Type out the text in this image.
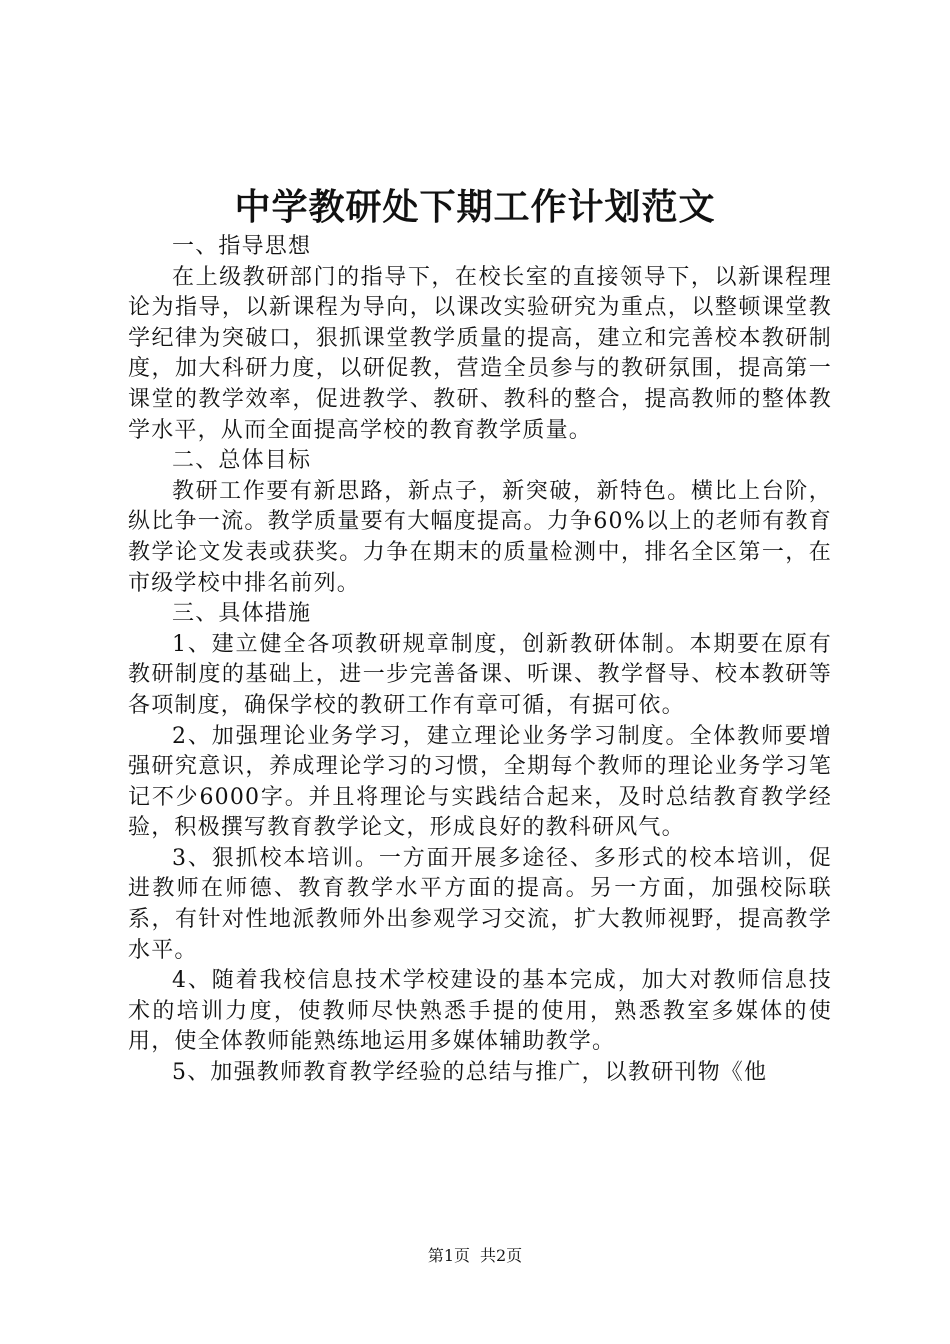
中学教研处下期工作计划范文

一、指导思想

在上级教研部门的指导下，在校长室的直接领导下，以新课程理论为指导，以新课程为导向，以课改实验研究为重点，以整顿课堂教学纪律为突破口，狠抓课堂教学质量的提高，建立和完善校本教研制度，加大科研力度，以研促教，营造全员参与的教研氛围，提高第一课堂的教学效率，促进教学、教研、教科的整合，提高教师的整体教学水平，从而全面提高学校的教育教学质量。

二、总体目标

教研工作要有新思路，新点子，新突破，新特色。横比上台阶，纵比争一流。教学质量要有大幅度提高。力争60%以上的老师有教育教学论文发表或获奖。力争在期末的质量检测中，排名全区第一，在市级学校中排名前列。

三、具体措施

1、建立健全各项教研规章制度，创新教研体制。本期要在原有教研制度的基础上，进一步完善备课、听课、教学督导、校本教研等各项制度，确保学校的教研工作有章可循，有据可依。

2、加强理论业务学习，建立理论业务学习制度。全体教师要增强研究意识，养成理论学习的习惯，全期每个教师的理论业务学习笔记不少6000字。并且将理论与实践结合起来，及时总结教育教学经验，积极撰写教育教学论文，形成良好的教科研风气。

3、狠抓校本培训。一方面开展多途径、多形式的校本培训，促进教师在师德、教育教学水平方面的提高。另一方面，加强校际联系，有针对性地派教师外出参观学习交流，扩大教师视野，提高教学水平。

4、随着我校信息技术学校建设的基本完成，加大对教师信息技术的培训力度，使教师尽快熟悉手提的使用，熟悉教室多媒体的使用，使全体教师能熟练地运用多媒体辅助教学。

5、加强教师教育教学经验的总结与推广，以教研刊物《他

第1页 共2页
